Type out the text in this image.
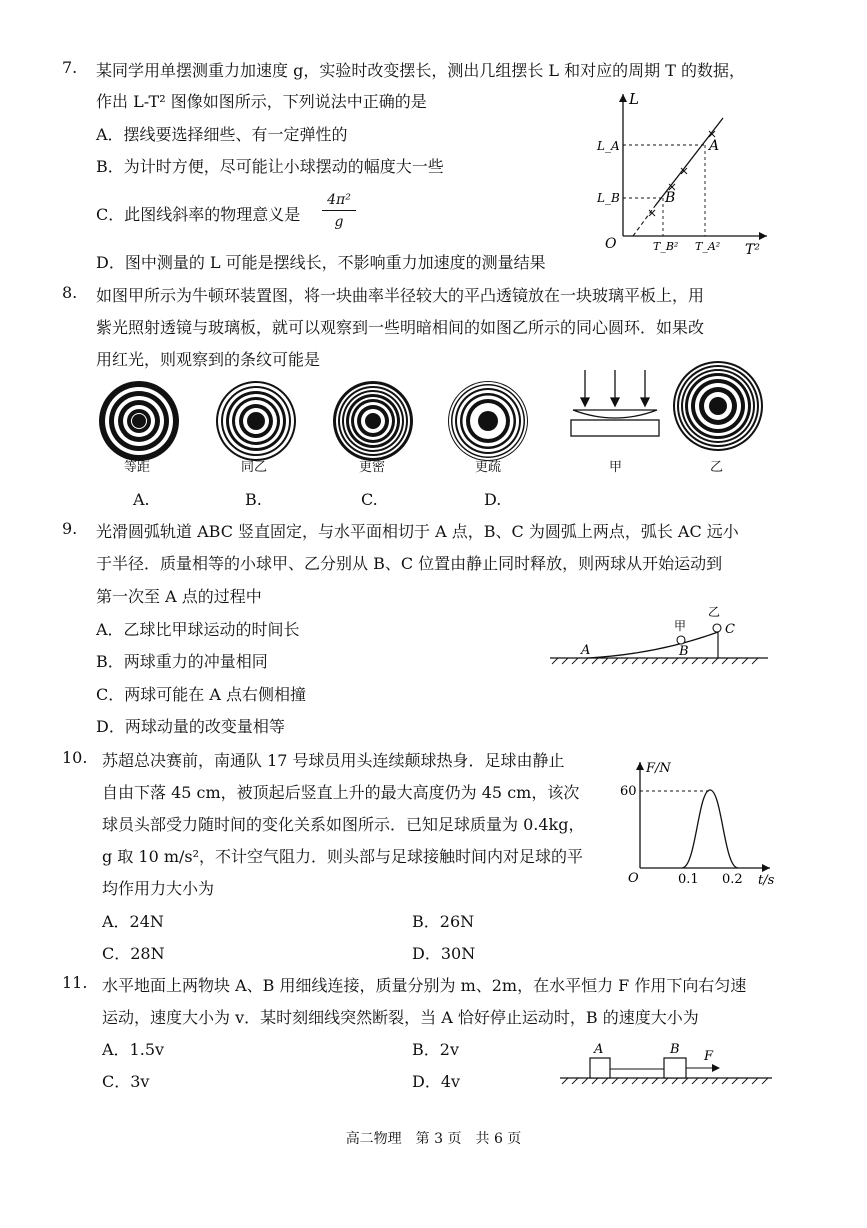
7. 某同学用单摆测重力加速度 g，实验时改变摆长，测出几组摆长 L 和对应的周期 T 的数据，
作出 L-T² 图像如图所示，下列说法中正确的是
A．摆线要选择细些、有一定弹性的
B．为计时方便，尽可能让小球摆动的幅度大一些
C．此图线斜率的物理意义是 $\frac{\text{4π²}}{g}$
D．图中测量的 L 可能是摆线长，不影响重力加速度的测量结果
L
T²
O
L_A
L_B
T_B² T_A²
A
B
8. 如图甲所示为牛顿环装置图，将一块曲率半径较大的平凸透镜放在一块玻璃平板上，用
紫光照射透镜与玻璃板，就可以观察到一些明暗相间的如图乙所示的同心圆环．如果改
用红光，则观察到的条纹可能是
等距	同乙	更密	更疏
A.	B.	C.	D.
甲	乙
9. 光滑圆弧轨道 ABC 竖直固定，与水平面相切于 A 点，B、C 为圆弧上两点，弧长 AC 远小
于半径．质量相等的小球甲、乙分别从 B、C 位置由静止同时释放，则两球从开始运动到
第一次至 A 点的过程中
A．乙球比甲球运动的时间长
B．两球重力的冲量相同
C．两球可能在 A 点右侧相撞
D．两球动量的改变量相等
A	B
C
甲
乙
10. 苏超总决赛前，南通队 17 号球员用头连续颠球热身．足球由静止
自由下落 45 cm，被顶起后竖直上升的最大高度仍为 45 cm，该次
球员头部受力随时间的变化关系如图所示．已知足球质量为 0.4kg，
g 取 10 m/s²，不计空气阻力．则头部与足球接触时间内对足球的平
均作用力大小为
A．24N	B．26N
C．28N	D．30N
F/N
t/s
O
60
0.1 0.2
11. 水平地面上两物块 A、B 用细线连接，质量分别为 m、2m，在水平恒力 F 作用下向右匀速
运动，速度大小为 v．某时刻细线突然断裂，当 A 恰好停止运动时，B 的速度大小为
A．1.5v	B．2v
C．3v	D．4v
A	B F
高二物理　第 3 页　共 6 页
